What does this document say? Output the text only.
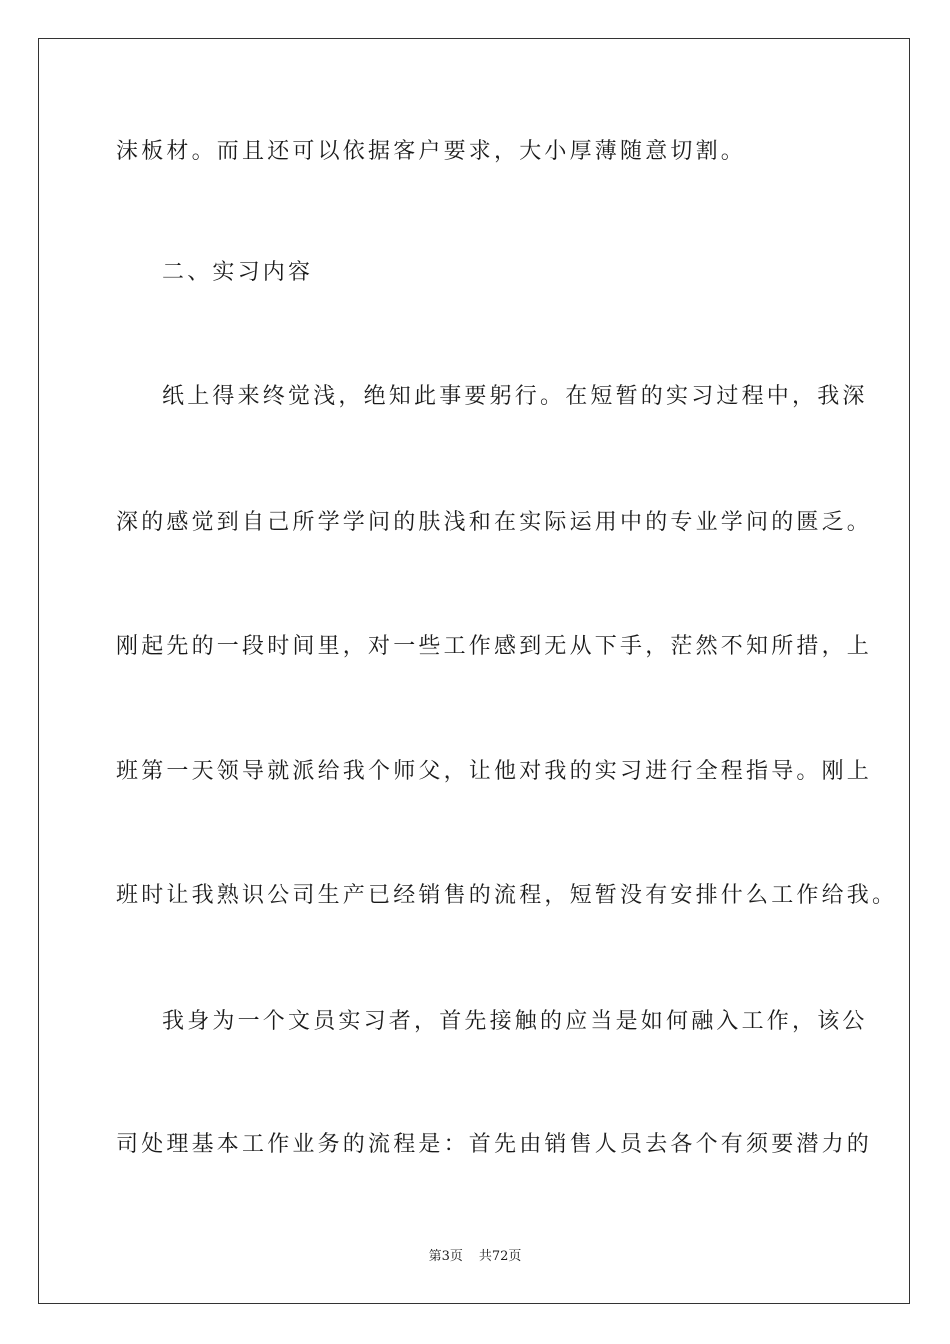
沫板材。而且还可以依据客户要求，大小厚薄随意切割。
二、实习内容
纸上得来终觉浅，绝知此事要躬行。在短暂的实习过程中，我深
深的感觉到自己所学学问的肤浅和在实际运用中的专业学问的匮乏。
刚起先的一段时间里，对一些工作感到无从下手，茫然不知所措，上
班第一天领导就派给我个师父，让他对我的实习进行全程指导。刚上
班时让我熟识公司生产已经销售的流程，短暂没有安排什么工作给我。
我身为一个文员实习者，首先接触的应当是如何融入工作，该公
司处理基本工作业务的流程是：首先由销售人员去各个有须要潜力的
第3页 共72页
